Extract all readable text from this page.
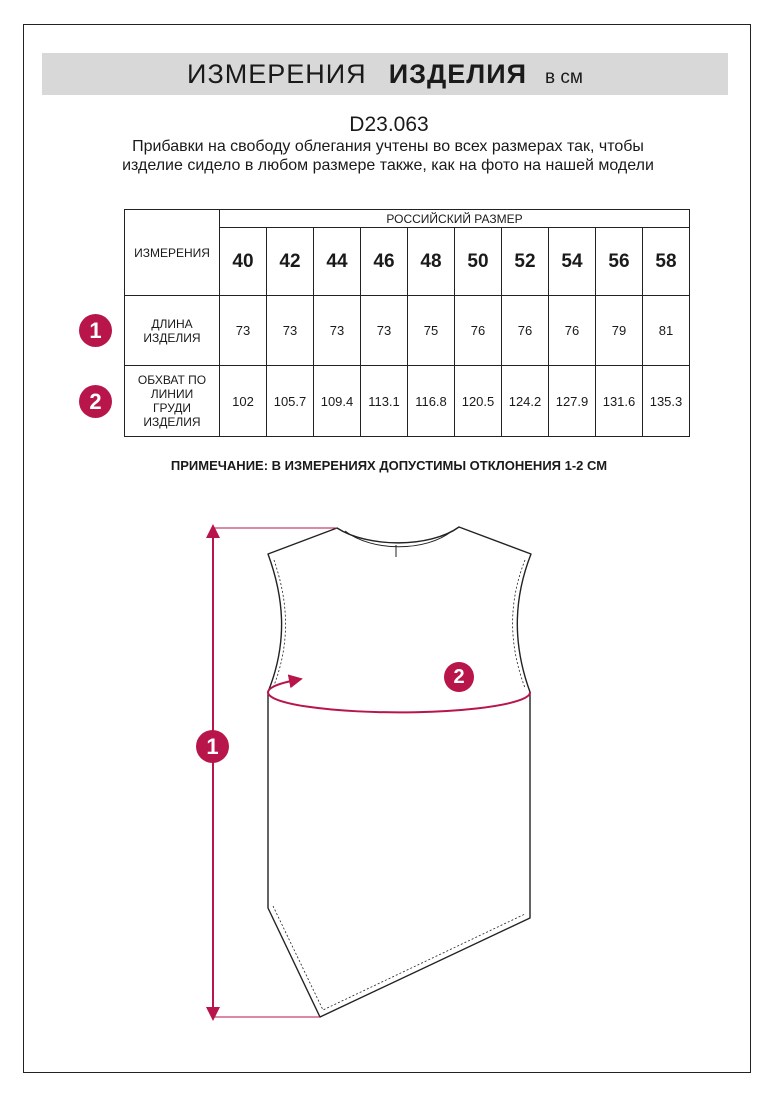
ИЗМЕРЕНИЯ ИЗДЕЛИЯ в см
D23.063
Прибавки на свободу облегания учтены во всех размерах так, чтобы изделие сидело в любом размере также, как на фото на нашей модели
ИЗМЕРЕНИЯ	РОССИЙСКИЙ РАЗМЕР									
	40	42	44	46	48	50	52	54	56	58
ДЛИНА ИЗДЕЛИЯ	73	73	73	73	75	76	76	76	79	81
ОБХВАТ ПО ЛИНИИ ГРУДИ ИЗДЕЛИЯ	102	105.7	109.4	113.1	116.8	120.5	124.2	127.9	131.6	135.3
1
2
ПРИМЕЧАНИЕ: В ИЗМЕРЕНИЯХ ДОПУСТИМЫ ОТКЛОНЕНИЯ 1-2 СМ
1
2
